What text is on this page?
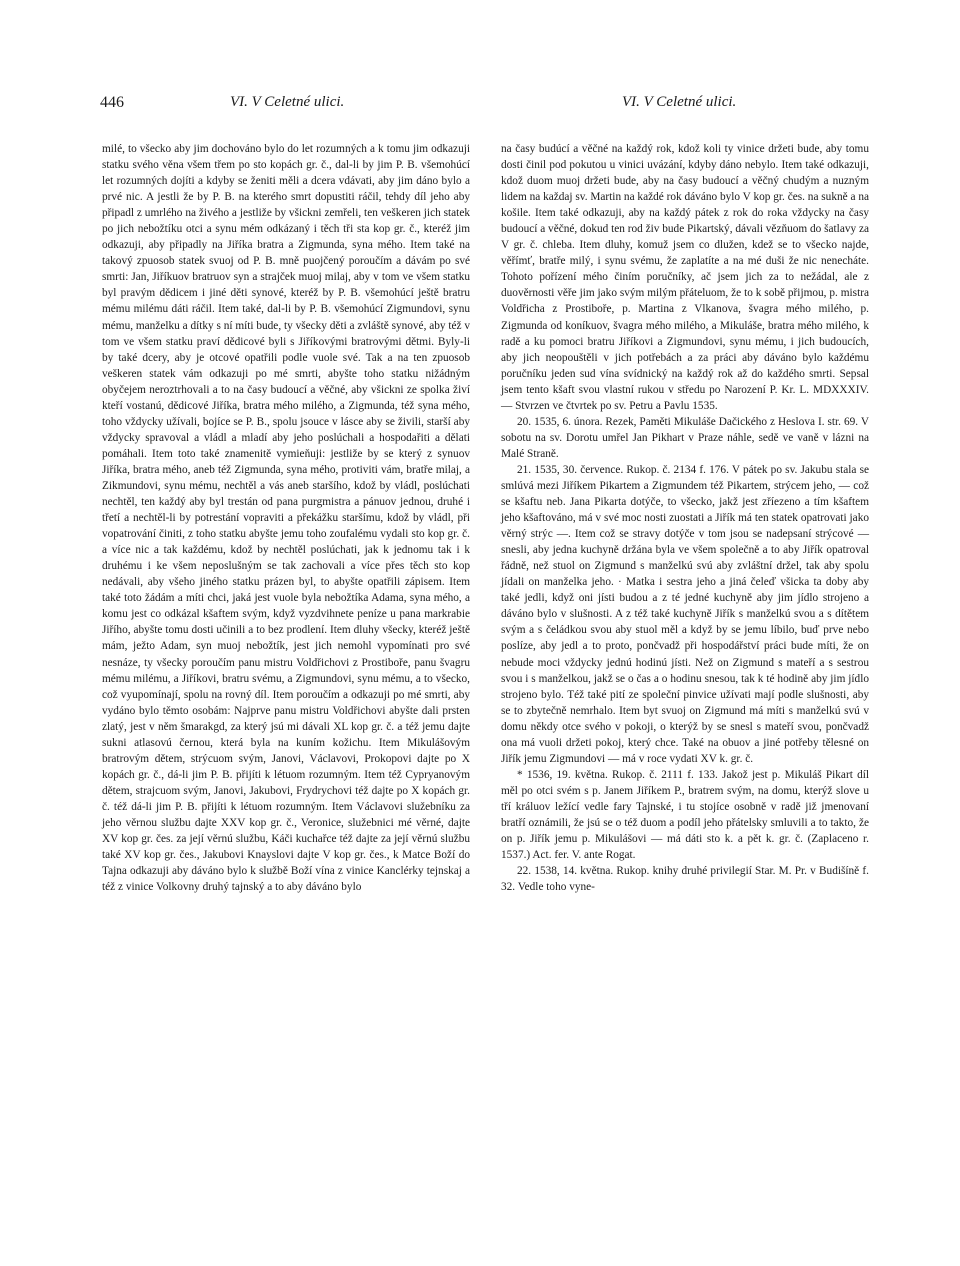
446	VI. V Celetné ulici.	VI. V Celetné ulici.

milé, to všecko aby jim dochováno bylo do let rozumných a k tomu jim odkazuji statku svého věna všem třem po sto kopách gr. č., dal-li by jim P. B. všemohúcí let rozumných dojíti a kdyby se ženiti měli a dcera vdávati, aby jim dáno bylo a prvé nic. A jestli že by P. B. na kterého smrt dopustiti ráčil, tehdy díl jeho aby připadl z umrlého na živého a jestliže by všickni zemřeli, ten veškeren jich statek po jich nebožtíku otci a synu mém odkázaný i těch tři sta kop gr. č., kteréž jim odkazuji, aby připadly na Jiříka bratra a Zigmunda, syna mého. Item také na takový zpuosob statek svuoj od P. B. mně puojčený poroučím a dávám po své smrti: Jan, Jiříkuov bratruov syn a strajček muoj milaj, aby v tom ve všem statku byl pravým dědicem i jiné děti synové, kteréž by P. B. všemohúcí ještě bratru mému milému dáti ráčil. Item také, dal-li by P. B. všemohúcí Zigmundovi, synu mému, manželku a dítky s ní míti bude, ty všecky děti a zvláště synové, aby též v tom ve všem statku praví dědicové byli s Jiříkovými bratrovými dětmi. Byly-li by také dcery, aby je otcové opatřili podle vuole své. Tak a na ten zpuosob veškeren statek vám odkazuji po mé smrti, abyšte toho statku nižádným obyčejem neroztrhovali a to na časy budoucí a věčné, aby všickni ze spolka živí kteří vostanú, dědicové Jiříka, bratra mého milého, a Zigmunda, též syna mého, toho vždycky užívali, bojíce se P. B., spolu jsouce v lásce aby se živili, starší aby vždycky spravoval a vládl a mladí aby jeho poslúchali a hospodařiti a dělati pomáhali. Item toto také znamenitě vymieňuji: jestliže by se který z synuov Jiříka, bratra mého, aneb též Zigmunda, syna mého, protiviti vám, bratře milaj, a Zikmundovi, synu mému, nechtěl a vás aneb staršího, kdož by vládl, poslúchati nechtěl, ten každý aby byl trestán od pana purgmistra a pánuov jednou, druhé i třetí a nechtěl-li by potrestání vopraviti a překážku staršímu, kdož by vládl, při vopatrování činiti, z toho statku abyšte jemu toho zoufalému vydali sto kop gr. č. a více nic a tak každému, kdož by nechtěl poslúchati, jak k jednomu tak i k druhému i ke všem neposlušným se tak zachovali a více přes těch sto kop nedávali, aby všeho jiného statku prázen byl, to abyšte opatřili zápisem. Item také toto žádám a míti chci, jaká jest vuole byla nebožtíka Adama, syna mého, a komu jest co odkázal kšaftem svým, když vyzdvihnete peníze u pana markrabie Jiřího, abyšte tomu dosti učinili a to bez prodlení. Item dluhy všecky, kteréž ještě mám, ježto Adam, syn muoj nebožtík, jest jich nemohl vypomínati pro své nesnáze, ty všecky poroučím panu mistru Voldřichovi z Prostiboře, panu švagru mému milému, a Jiříkovi, bratru svému, a Zigmundovi, synu mému, a to všecko, což vyupomínají, spolu na rovný díl. Item poroučím a odkazuji po mé smrti, aby vydáno bylo těmto osobám: Najprve panu mistru Voldřichovi abyšte dali prsten zlatý, jest v něm šmarakgd, za který jsú mi dávali XL kop gr. č. a též jemu dajte sukni atlasovú černou, která byla na kuním kožichu. Item Mikulášovým bratrovým dětem, strýcuom svým, Janovi, Václavovi, Prokopovi dajte po X kopách gr. č., dá-li jim P. B. přijíti k létuom rozumným. Item též Cypryanovým dětem, strajcuom svým, Janovi, Jakubovi, Frydrychovi též dajte po X kopách gr. č. též dá-li jim P. B. přijíti k létuom rozumným. Item Václavovi služebníku za jeho věrnou službu dajte XXV kop gr. č., Veronice, služebnici mé věrné, dajte XV kop gr. čes. za její věrnú službu, Káči kuchařce též dajte za její věrnú službu také XV kop gr. čes., Jakubovi Knayslovi dajte V kop gr. čes., k Matce Boží do Tajna odkazuji aby dáváno bylo k službě Boží vína z vinice Kanclérky tejnskaj a též z vinice Volkovny druhý tajnský a to aby dáváno bylo

na časy budúcí a věčné na každý rok, kdož koli ty vinice držeti bude, aby tomu dosti činil pod pokutou u vinici uvázání, kdyby dáno nebylo. Item také odkazuji, kdož duom muoj držeti bude, aby na časy budoucí a věčný chudým a nuzným lidem na každaj sv. Martin na každé rok dáváno bylo V kop gr. čes. na sukně a na košile. Item také odkazuji, aby na každý pátek z rok do roka vždycky na časy budoucí a věčné, dokud ten rod živ bude Pikartský, dávali vězňuom do šatlavy za V gr. č. chleba. Item dluhy, komuž jsem co dlužen, kdež se to všecko najde, věřímť, bratře milý, i synu svému, že zaplatíte a na mé duši že nic nenecháte. Tohoto pořízení mého činím poručníky, ač jsem jich za to nežádal, ale z duověrnosti věře jim jako svým milým přáteluom, že to k sobě přijmou, p. mistra Voldřicha z Prostiboře, p. Martina z Vlkanova, švagra mého milého, p. Zigmunda od koníkuov, švagra mého milého, a Mikuláše, bratra mého milého, k radě a ku pomoci bratru Jiříkovi a Zigmundovi, synu mému, i jich budoucích, aby jich neopouštěli v jich potřebách a za práci aby dáváno bylo každému poručníku jeden sud vína svídnický na každý rok až do každého smrti. Sepsal jsem tento kšaft svou vlastní rukou v středu po Narození P. Kr. L. MDXXXIV. — Stvrzen ve čtvrtek po sv. Petru a Pavlu 1535.

20. 1535, 6. února. Rezek, Paměti Mikuláše Dačického z Heslova I. str. 69. V sobotu na sv. Dorotu umřel Jan Pikhart v Praze náhle, sedě ve vaně v lázni na Malé Straně.

21. 1535, 30. července. Rukop. č. 2134 f. 176. V pátek po sv. Jakubu stala se smlúvá mezi Jiříkem Pikartem a Zigmundem též Pikartem, strýcem jeho, — což se kšaftu neb. Jana Pikarta dotýče, to všecko, jakž jest zříezeno a tím kšaftem jeho kšaftováno, má v své moc nosti zuostati a Jiřík má ten statek opatrovati jako věrný strýc —. Item což se stravy dotýče v tom jsou se nadepsaní strýcové — snesli, aby jedna kuchyně držána byla ve všem společně a to aby Jiřík opatroval řádně, než stuol on Zigmund s manželkú svú aby zvláštní držel, tak aby spolu jídali on manželka jeho. · Matka i sestra jeho a jiná čeleď všicka ta doby aby také jedli, když oni jísti budou a z té jedné kuchyně aby jim jídlo strojeno a dáváno bylo v slušnosti. A z též také kuchyně Jiřík s manželkú svou a s dítětem svým a s čeládkou svou aby stuol měl a když by se jemu líbilo, buď prve nebo poslíze, aby jedl a to proto, pončvadž při hospodářství práci bude míti, že on nebude moci vždycky jednú hodinú jísti. Než on Zigmund s mateří a s sestrou svou i s manželkou, jakž se o čas a o hodinu snesou, tak k té hodině aby jim jídlo strojeno bylo. Též také pití ze společní pinvice užívati mají podle slušnosti, aby se to zbytečně nemrhalo. Item byt svuoj on Zigmund má míti s manželkú svú v domu někdy otce svého v pokoji, o kterýž by se snesl s mateří svou, pončvadž ona má vuoli držeti pokoj, který chce. Také na obuov a jiné potřeby tělesné on Jiřík jemu Zigmundovi — má v roce vydati XV k. gr. č.

* 1536, 19. května. Rukop. č. 2111 f. 133. Jakož jest p. Mikuláš Pikart díl měl po otci svém s p. Janem Jiříkem P., bratrem svým, na domu, kterýž slove u tří králuov ležící vedle fary Tajnské, i tu stojíce osobně v radě již jmenovaní bratří oznámili, že jsú se o též duom a podíl jeho přátelsky smluvili a to takto, že on p. Jiřík jemu p. Mikulášovi — má dáti sto k. a pět k. gr. č. (Zaplaceno r. 1537.) Act. fer. V. ante Rogat.

22. 1538, 14. května. Rukop. knihy druhé privilegií Star. M. Pr. v Budišíně f. 32. Vedle toho vyne-
